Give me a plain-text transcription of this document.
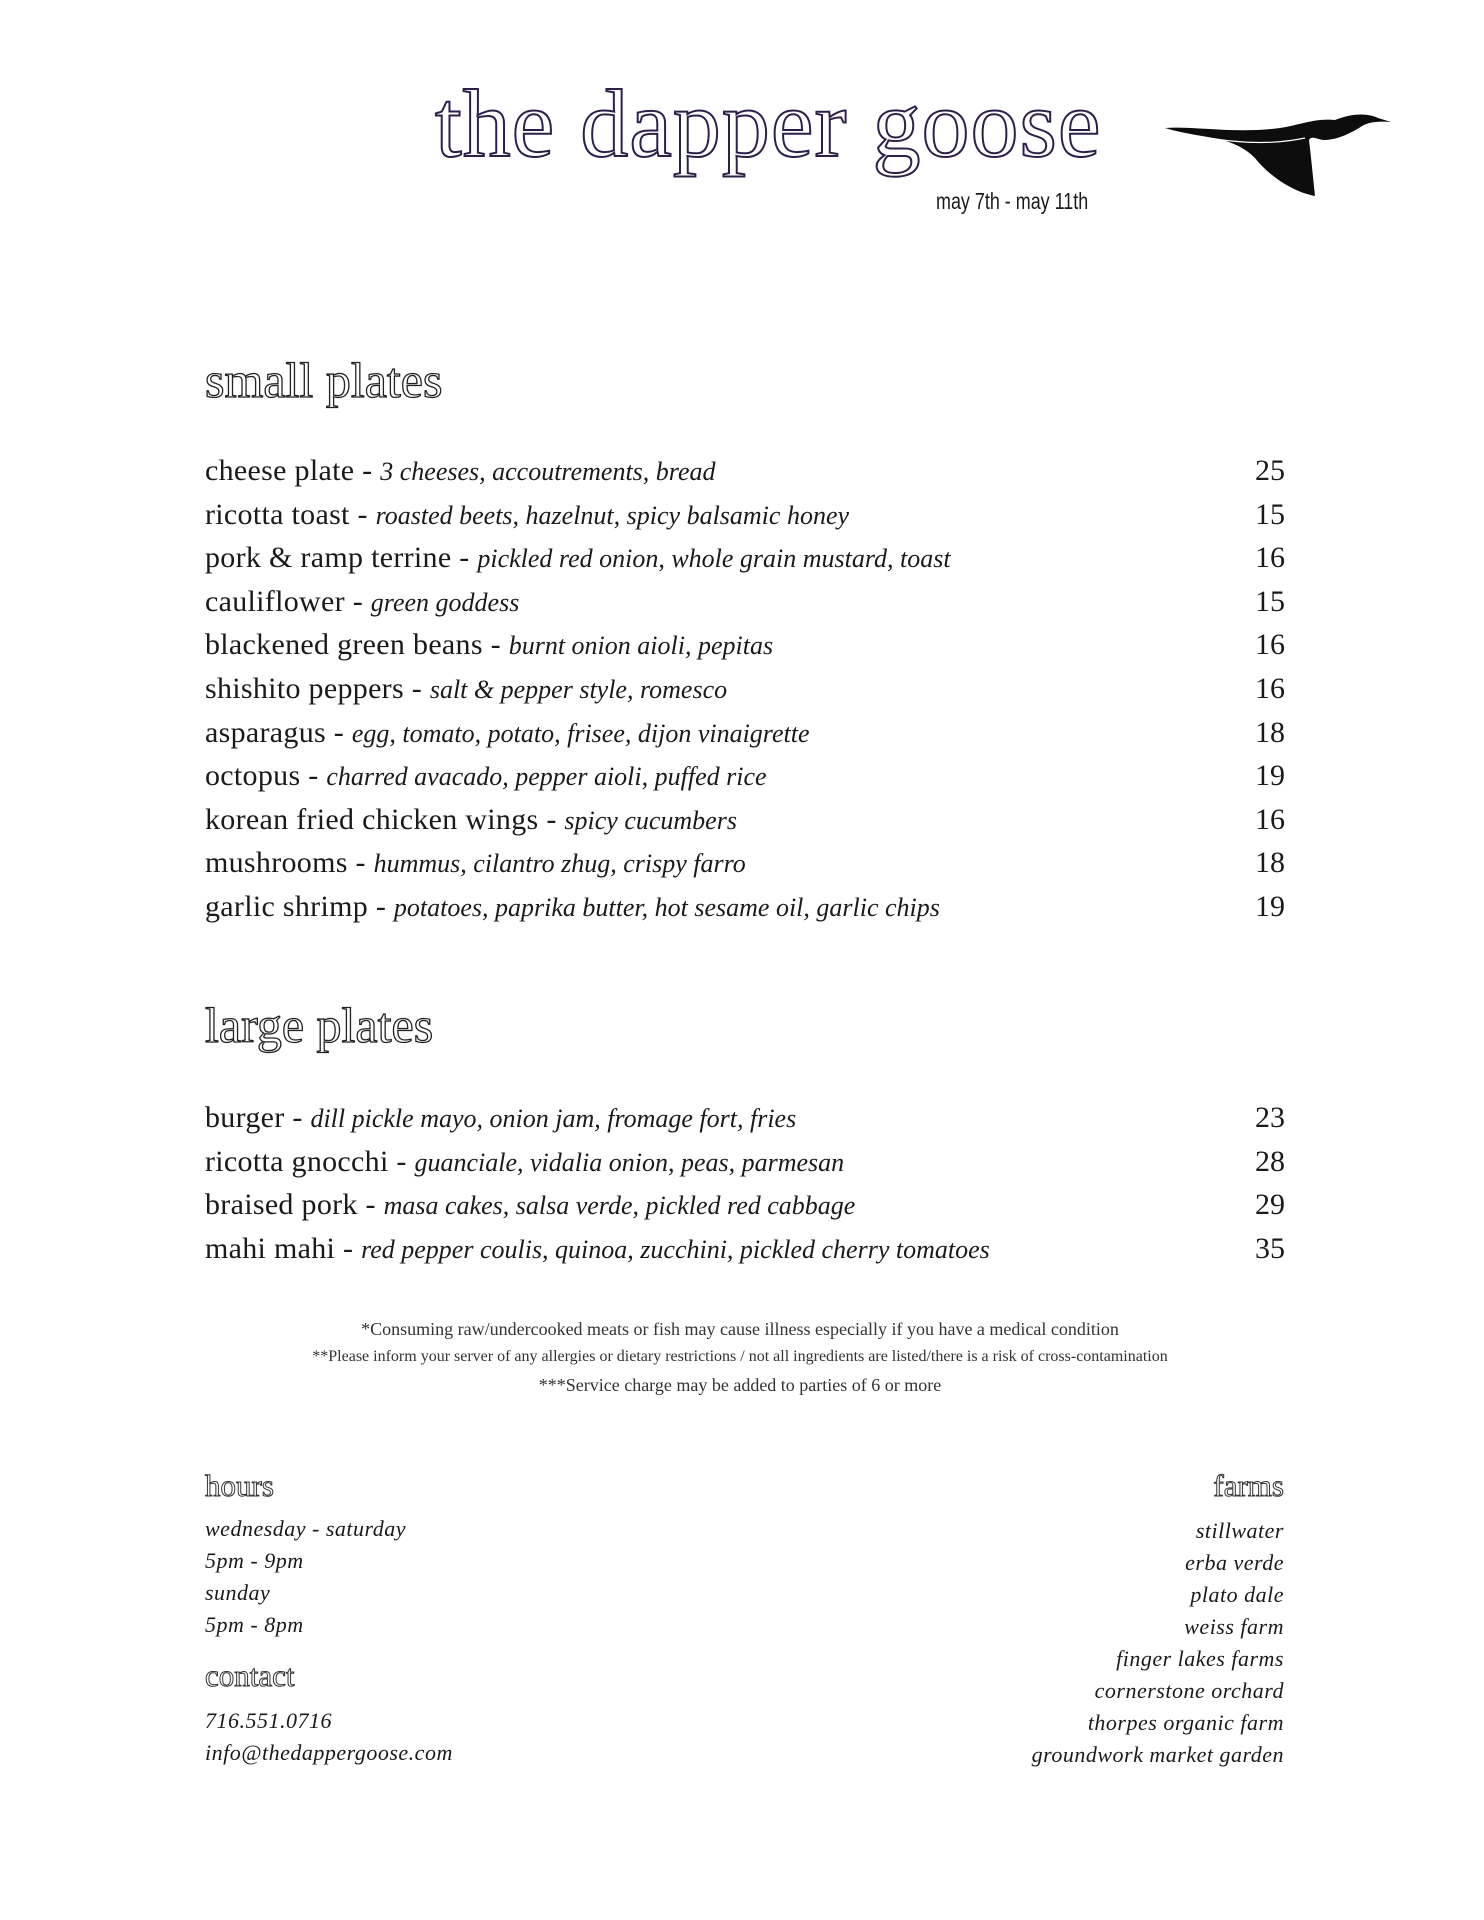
the dapper goose
may 7th - may 11th
small plates
cheese plate - 3 cheeses, accoutrements, bread	25
ricotta toast - roasted beets, hazelnut, spicy balsamic honey	15
pork & ramp terrine - pickled red onion, whole grain mustard, toast	16
cauliflower - green goddess	15
blackened green beans - burnt onion aioli, pepitas	16
shishito peppers - salt & pepper style, romesco	16
asparagus - egg, tomato, potato, frisee, dijon vinaigrette	18
octopus - charred avacado, pepper aioli, puffed rice	19
korean fried chicken wings - spicy cucumbers	16
mushrooms - hummus, cilantro zhug, crispy farro	18
garlic shrimp - potatoes, paprika butter, hot sesame oil, garlic chips	19
large plates
burger - dill pickle mayo, onion jam, fromage fort, fries	23
ricotta gnocchi - guanciale, vidalia onion, peas, parmesan	28
braised pork - masa cakes, salsa verde, pickled red cabbage	29
mahi mahi - red pepper coulis, quinoa, zucchini, pickled cherry tomatoes	35
*Consuming raw/undercooked meats or fish may cause illness especially if you have a medical condition
**Please inform your server of any allergies or dietary restrictions / not all ingredients are listed/there is a risk of cross-contamination
***Service charge may be added to parties of 6 or more
hours
wednesday - saturday
5pm - 9pm
sunday
5pm - 8pm
contact
716.551.0716
info@thedappergoose.com
farms
stillwater
erba verde
plato dale
weiss farm
finger lakes farms
cornerstone orchard
thorpes organic farm
groundwork market garden
